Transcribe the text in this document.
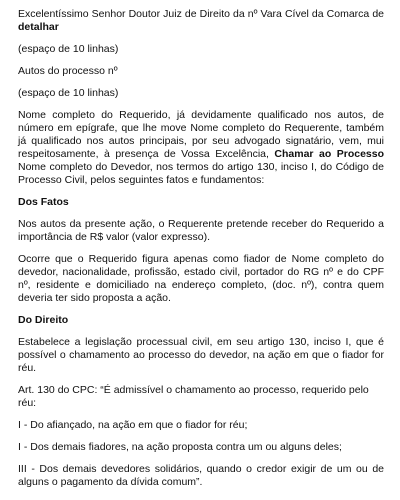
Excelentíssimo Senhor Doutor Juiz de Direito da nº Vara Cível da Comarca de detalhar

(espaço de 10 linhas)

Autos do processo nº

(espaço de 10 linhas)

Nome completo do Requerido, já devidamente qualificado nos autos, de número em epígrafe, que lhe move Nome completo do Requerente, também já qualificado nos autos principais, por seu advogado signatário, vem, mui respeitosamente, à presença de Vossa Excelência, Chamar ao Processo Nome completo do Devedor, nos termos do artigo 130, inciso I, do Código de Processo Civil, pelos seguintes fatos e fundamentos:

Dos Fatos

Nos autos da presente ação, o Requerente pretende receber do Requerido a importância de R$ valor (valor expresso).

Ocorre que o Requerido figura apenas como fiador de Nome completo do devedor, nacionalidade, profissão, estado civil, portador do RG nº e do CPF nº, residente e domiciliado na endereço completo, (doc. nº), contra quem deveria ter sido proposta a ação.

Do Direito

Estabelece a legislação processual civil, em seu artigo 130, inciso I, que é possível o chamamento ao processo do devedor, na ação em que o fiador for réu.

Art. 130 do CPC: “É admissível o chamamento ao processo, requerido pelo réu:

I - Do afiançado, na ação em que o fiador for réu;

I - Dos demais fiadores, na ação proposta contra um ou alguns deles;

III - Dos demais devedores solidários, quando o credor exigir de um ou de alguns o pagamento da dívida comum”.
